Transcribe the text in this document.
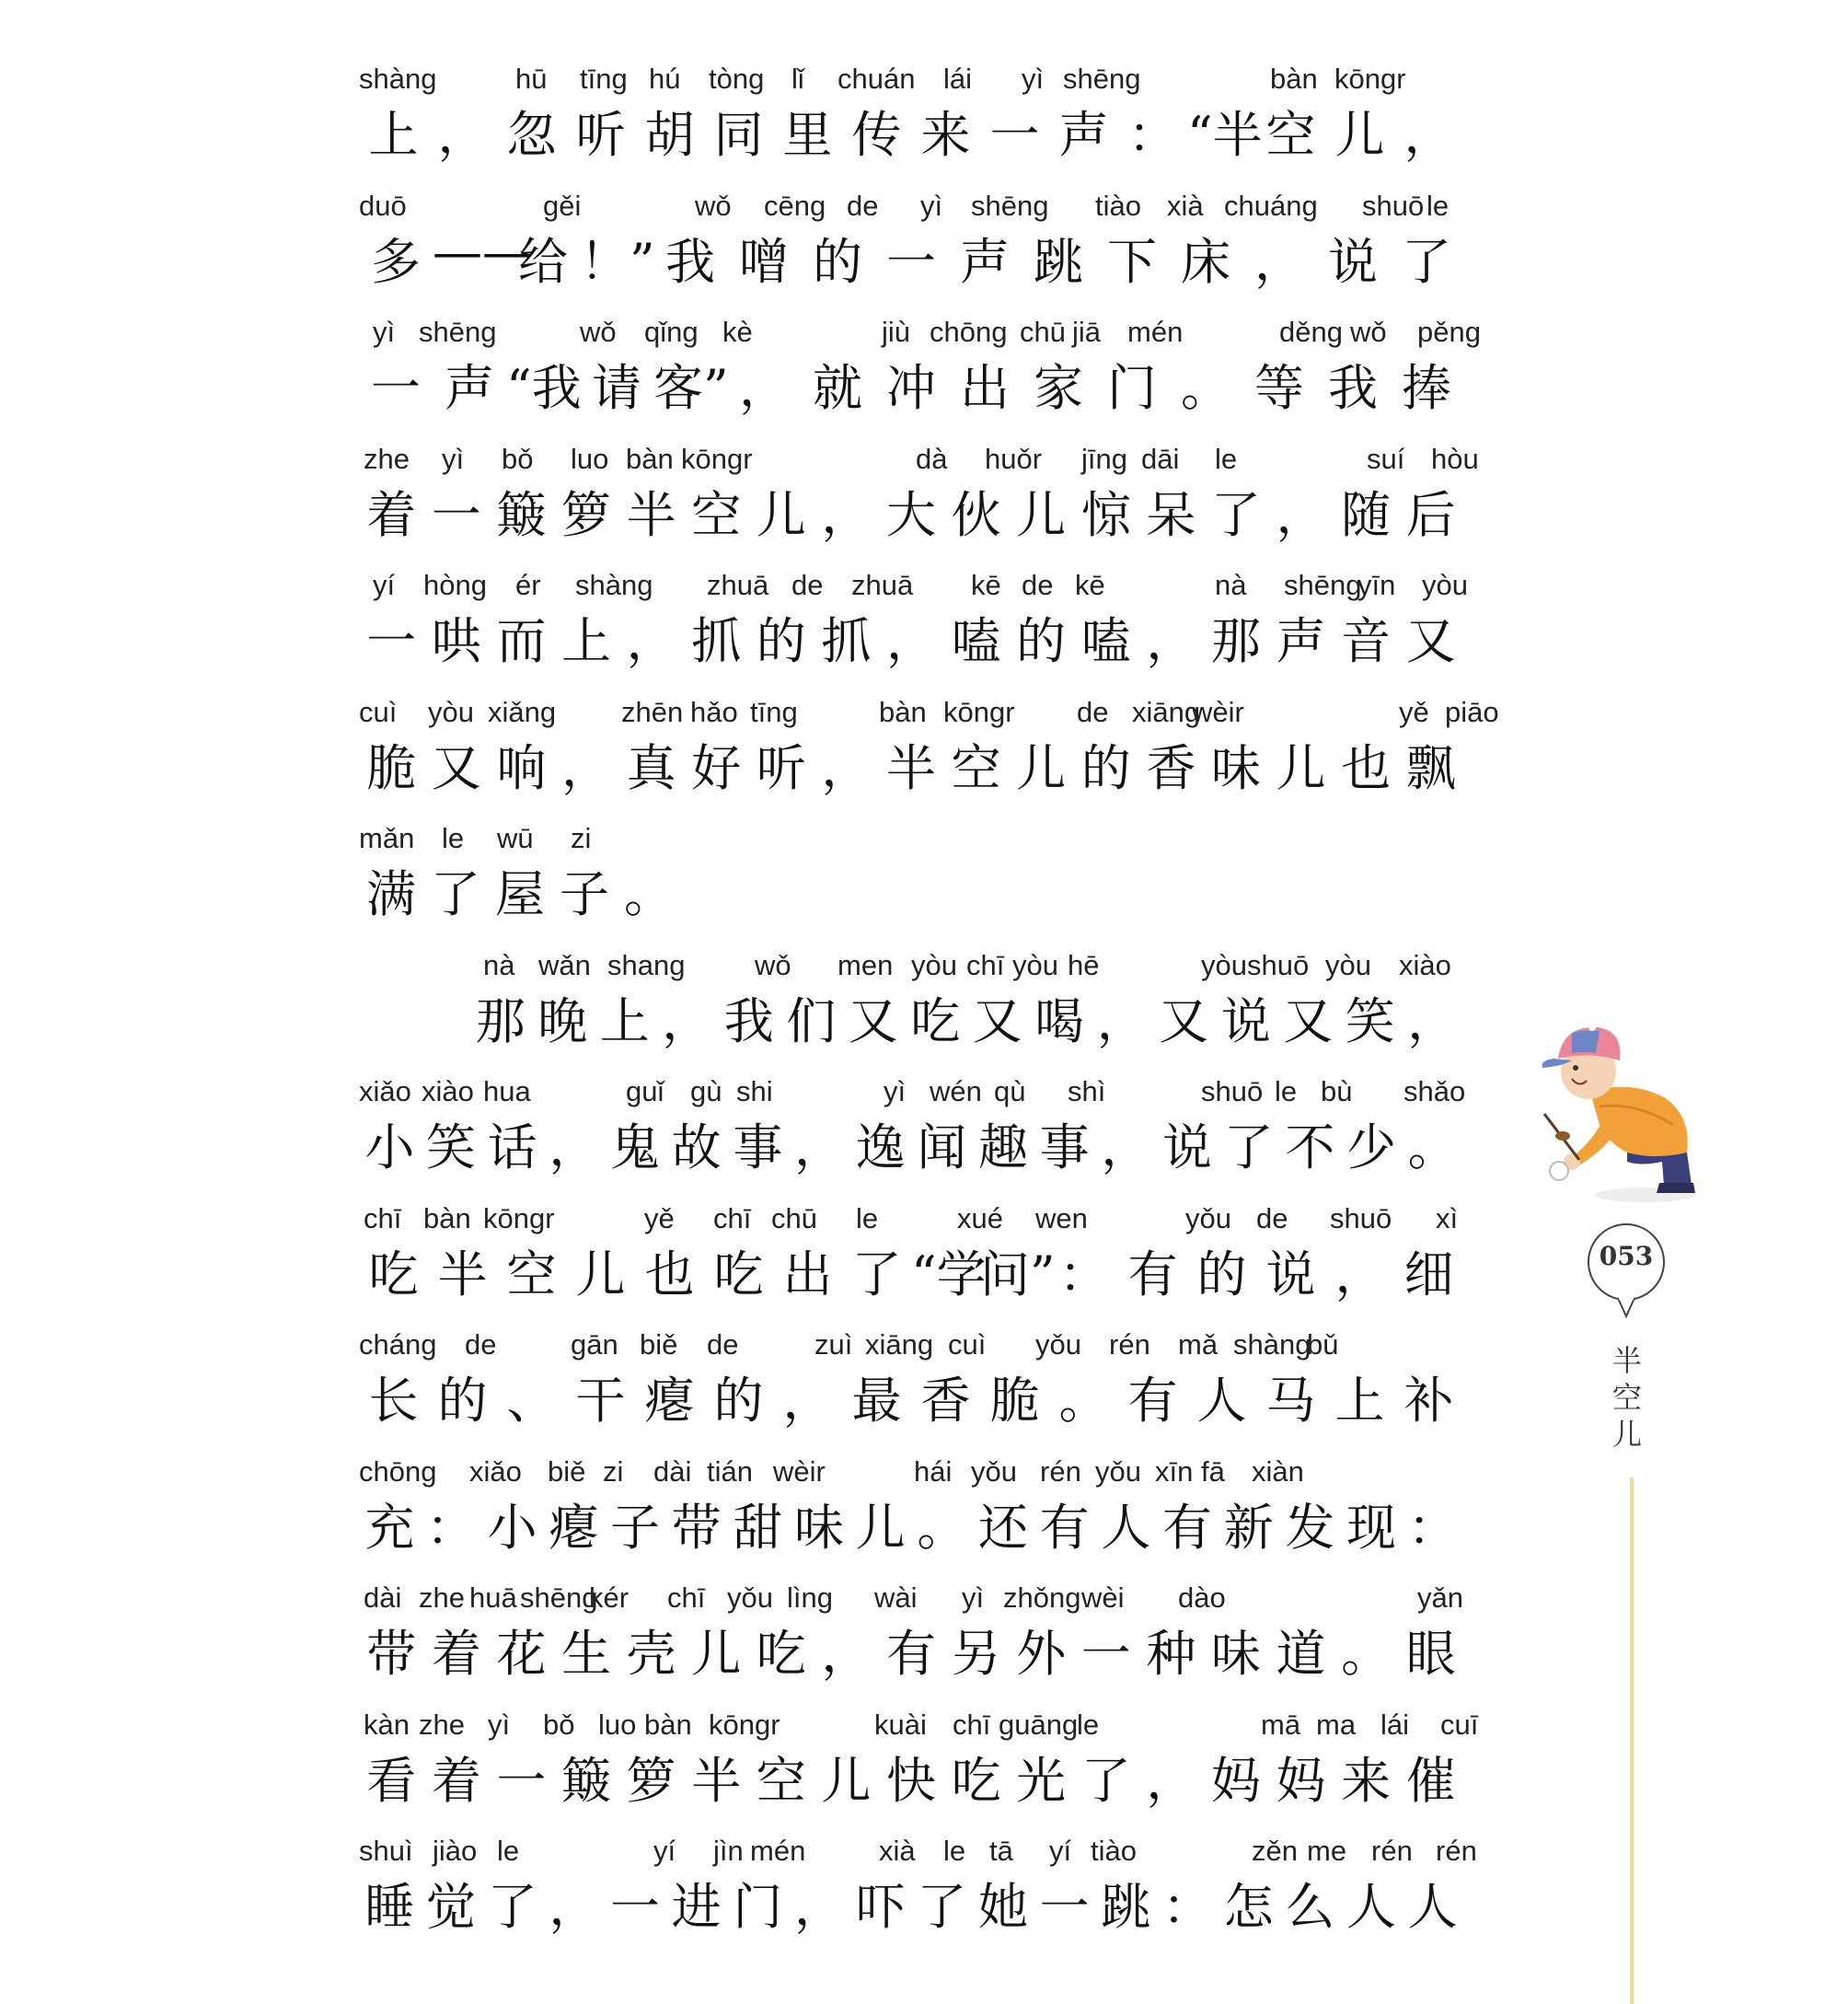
shàng	hū tīng hú tòng lǐ chuán lái yì shēng	bàn kōngr
上 ， 忽 听 胡 同 里 传 来 一 声 ： “半 空 儿 ，
duō	gěi	wǒ cēng de yì shēng tiào xià chuáng shuō le
多 ——
给 ！” 我 噌 的 一 声 跳 下 床 ， 说 了
yì shēng	wǒ qǐng kè	jiù chōng chū jiā mén	děng wǒ pěng
一 声 “我 请 客” ， 就 冲 出 家 门 。 等 我 捧
zhe yì bǒ luo bàn kōngr	dà huǒr jīng dāi le	suí hòu
着 一 簸 箩 半 空 儿 ， 大 伙 儿 惊 呆 了 ， 随 后
yí hòng ér shàng zhuā de zhuā kē de kē	nà shēng
yīn yòu
一 哄 而 上 ， 抓 的 抓 ， 嗑 的 嗑 ， 那 声 音 又
cuì yòu xiǎng zhēn hǎo tīng	bàn kōngr de xiāng
wèir	yě piāo
脆 又 响 ， 真 好 听 ， 半 空 儿 的 香 味 儿 也 飘
mǎn le wū zi
满 了 屋 子 。
nà wǎn shang wǒ men yòu chī yòu hē	yòu shuō yòu xiào
那 晚 上 ， 我 们 又 吃 又 喝 ， 又 说 又 笑 ，
xiǎo xiào hua	guǐ gù shi	yì wén qù shì	shuō le bù shǎo
小 笑 话 ， 鬼 故 事 ， 逸 闻 趣 事 ， 说 了 不 少 。
chī bàn kōngr	yě chī chū le	xué wen	yǒu de shuō xì
吃 半 空 儿 也 吃 出 了 “学
问” ： 有 的 说 ， 细
cháng de	gān biě de	zuì xiāng cuì yǒu rén mǎ shàng
bǔ
长 的 、 干 瘪 的 ， 最 香 脆 。 有 人 马 上 补
chōng xiǎo biě zi dài tián wèir	hái yǒu rén yǒu xīn fā xiàn
充 ： 小 瘪 子 带 甜 味 儿 。 还 有 人 有 新 发 现 ：
dài zhe huā shēng
kér chī yǒu lìng wài yì zhǒng wèi dào	yǎn
带 着 花 生 壳 儿 吃 ， 有 另 外 一 种 味 道 。 眼
kàn zhe yì bǒ luo bàn kōngr	kuài chī guāng
le	mā ma lái cuī
看 着 一 簸 箩 半 空 儿 快 吃 光 了 ， 妈 妈 来 催
shuì jiào le	yí jìn mén	xià le tā yí tiào	zěn me rén rén
睡 觉 了 ， 一 进 门 ， 吓 了 她 一 跳 ： 怎 么 人 人
053
半
空
儿
